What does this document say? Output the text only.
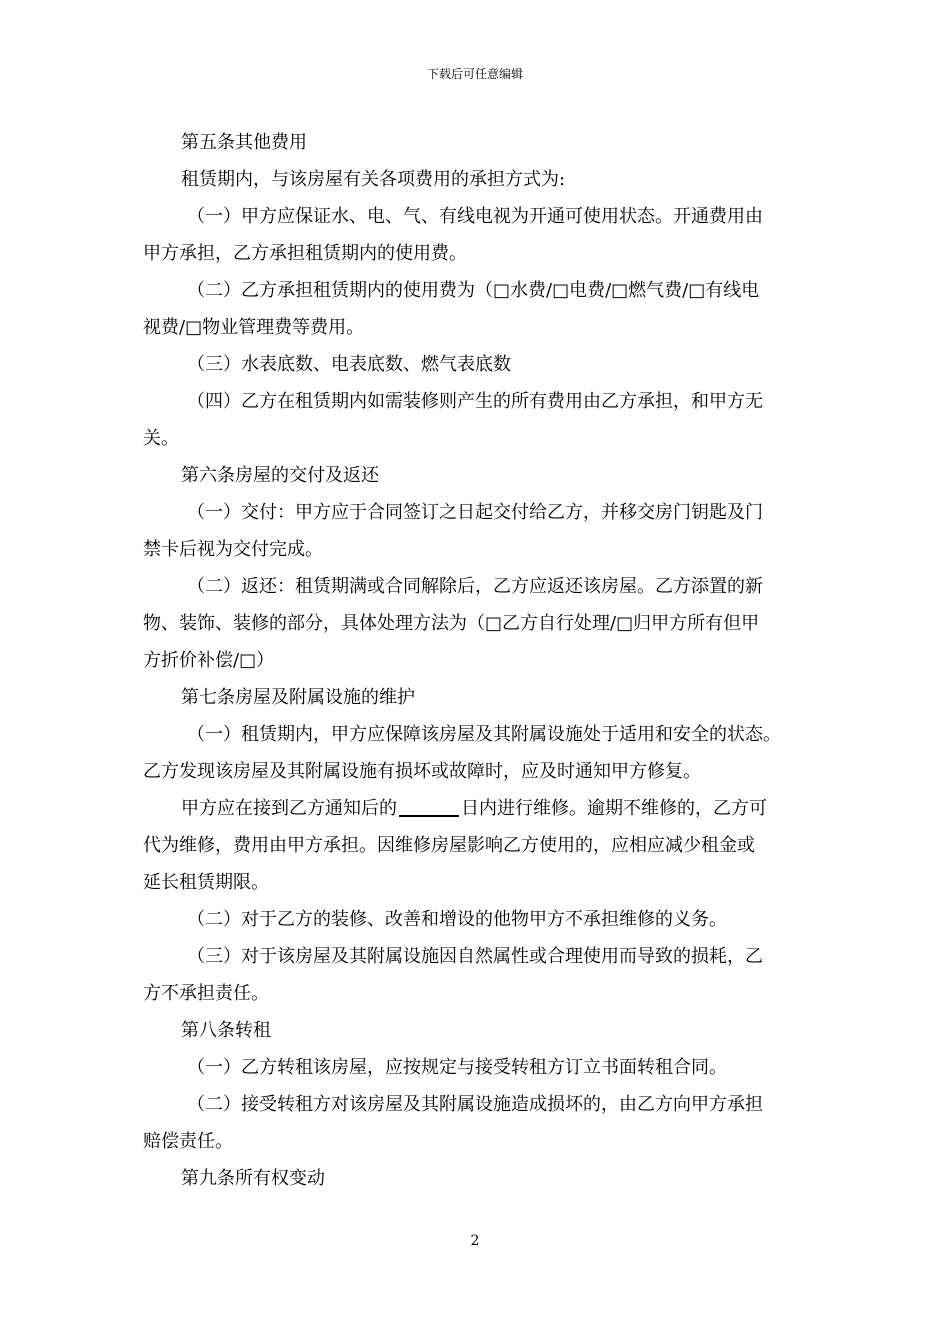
下载后可任意编辑
第五条其他费用
租赁期内，与该房屋有关各项费用的承担方式为:
（一）甲方应保证水、电、气、有线电视为开通可使用状态。开通费用由
甲方承担，乙方承担租赁期内的使用费。
（二）乙方承担租赁期内的使用费为（□水费/□电费/□燃气费/□有线电
视费/□物业管理费等费用。
（三）水表底数、电表底数、燃气表底数
（四）乙方在租赁期内如需装修则产生的所有费用由乙方承担，和甲方无
关。
第六条房屋的交付及返还
（一）交付：甲方应于合同签订之日起交付给乙方，并移交房门钥匙及门
禁卡后视为交付完成。
（二）返还：租赁期满或合同解除后，乙方应返还该房屋。乙方添置的新
物、装饰、装修的部分，具体处理方法为（□乙方自行处理/□归甲方所有但甲
方折价补偿/□）
第七条房屋及附属设施的维护
（一）租赁期内，甲方应保障该房屋及其附属设施处于适用和安全的状态。
乙方发现该房屋及其附属设施有损坏或故障时，应及时通知甲方修复。
甲方应在接到乙方通知后的	日内进行维修。逾期不维修的，乙方可
代为维修，费用由甲方承担。因维修房屋影响乙方使用的，应相应减少租金或
延长租赁期限。
（二）对于乙方的装修、改善和增设的他物甲方不承担维修的义务。
（三）对于该房屋及其附属设施因自然属性或合理使用而导致的损耗，乙
方不承担责任。
第八条转租
（一）乙方转租该房屋，应按规定与接受转租方订立书面转租合同。
（二）接受转租方对该房屋及其附属设施造成损坏的，由乙方向甲方承担
赔偿责任。
第九条所有权变动
2
